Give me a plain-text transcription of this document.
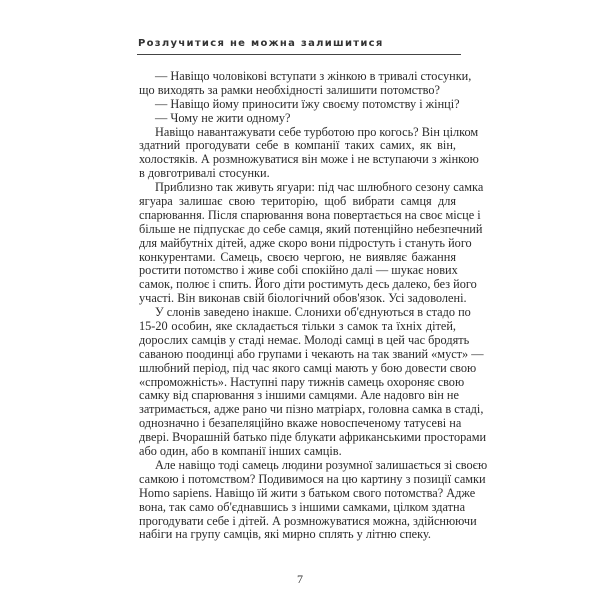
Розлучитися не можна залишитися
— Навіщо чоловікові вступати з жінкою в тривалі стосунки,
що виходять за рамки необхідності залишити потомство?
— Навіщо йому приносити їжу своєму потомству і жінці?
— Чому не жити одному?
Навіщо навантажувати себе турботою про когось? Він цілком
здатний прогодувати себе в компанії таких самих, як він,
холостяків. А розмножуватися він може і не вступаючи з жінкою
в довготривалі стосунки.
Приблизно так живуть ягуари: під час шлюбного сезону самка
ягуара залишає свою територію, щоб вибрати самця для
спарювання. Після спарювання вона повертається на своє місце і
більше не підпускає до себе самця, який потенційно небезпечний
для майбутніх дітей, адже скоро вони підростуть і стануть його
конкурентами. Самець, своєю чергою, не виявляє бажання
ростити потомство і живе собі спокійно далі — шукає нових
самок, полює і спить. Його діти ростимуть десь далеко, без його
участі. Він виконав свій біологічний обов'язок. Усі задоволені.
У слонів заведено інакше. Слонихи об'єднуються в стадо по
15-20 особин, яке складається тільки з самок та їхніх дітей,
дорослих самців у стаді немає. Молоді самці в цей час бродять
саваною поодинці або групами і чекають на так званий «муст» —
шлюбний період, під час якого самці мають у бою довести свою
«спроможність». Наступні пару тижнів самець охороняє свою
самку від спарювання з іншими самцями. Але надовго він не
затримається, адже рано чи пізно матріарх, головна самка в стаді,
однозначно і безапеляційно вкаже новоспеченому татусеві на
двері. Вчорашній батько піде блукати африканськими просторами
або один, або в компанії інших самців.
Але навіщо тоді самець людини розумної залишається зі своєю
самкою і потомством? Подивимося на цю картину з позиції самки
Homo sapiens. Навіщо їй жити з батьком свого потомства? Адже
вона, так само об'єднавшись з іншими самками, цілком здатна
прогодувати себе і дітей. А розмножуватися можна, здійснюючи
набіги на групу самців, які мирно сплять у літню спеку.
7
